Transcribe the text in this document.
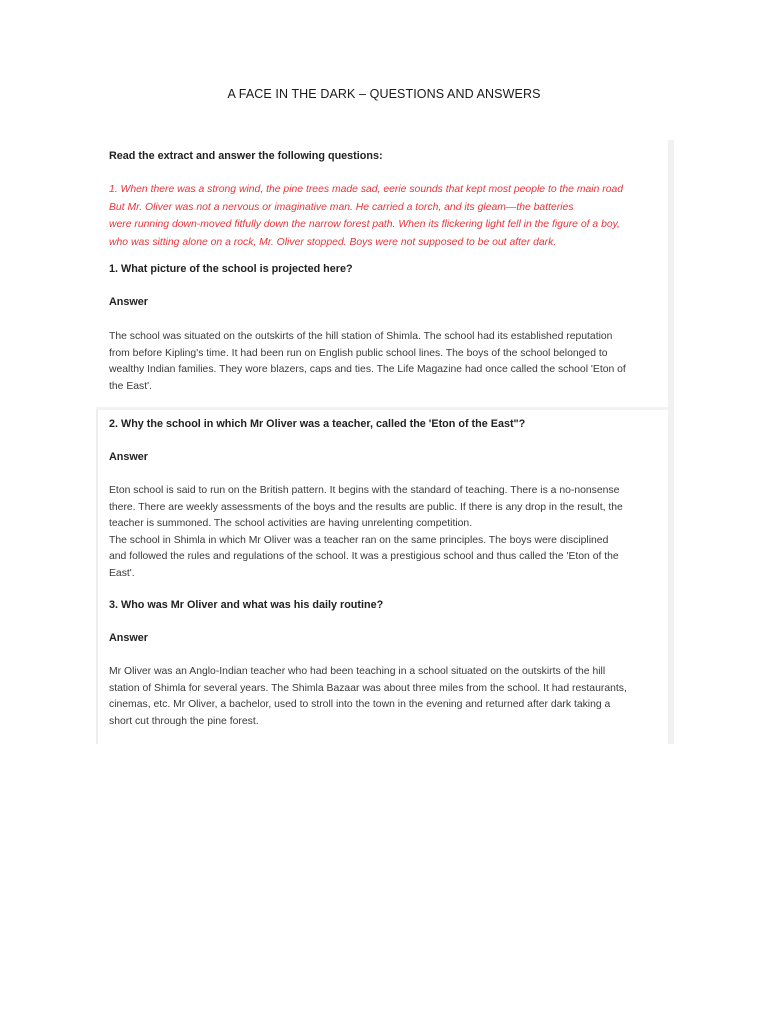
A FACE IN THE DARK – QUESTIONS AND ANSWERS

Read the extract and answer the following questions:

1. When there was a strong wind, the pine trees made sad, eerie sounds that kept most people to the main road
But Mr. Oliver was not a nervous or imaginative man. He carried a torch, and its gleam—the batteries
were running down-moved fitfully down the narrow forest path. When its flickering light fell in the figure of a boy,
who was sitting alone on a rock, Mr. Oliver stopped. Boys were not supposed to be out after dark.

1. What picture of the school is projected here?

Answer

The school was situated on the outskirts of the hill station of Shimla. The school had its established reputation
from before Kipling's time. It had been run on English public school lines. The boys of the school belonged to
wealthy Indian families. They wore blazers, caps and ties. The Life Magazine had once called the school 'Eton of
the East'.

2. Why the school in which Mr Oliver was a teacher, called the 'Eton of the East"?

Answer

Eton school is said to run on the British pattern. It begins with the standard of teaching. There is a no-nonsense
there. There are weekly assessments of the boys and the results are public. If there is any drop in the result, the
teacher is summoned. The school activities are having unrelenting competition.
The school in Shimla in which Mr Oliver was a teacher ran on the same principles. The boys were disciplined
and followed the rules and regulations of the school. It was a prestigious school and thus called the 'Eton of the
East'.

3. Who was Mr Oliver and what was his daily routine?

Answer

Mr Oliver was an Anglo-Indian teacher who had been teaching in a school situated on the outskirts of the hill
station of Shimla for several years. The Shimla Bazaar was about three miles from the school. It had restaurants,
cinemas, etc. Mr Oliver, a bachelor, used to stroll into the town in the evening and returned after dark taking a
short cut through the pine forest.
